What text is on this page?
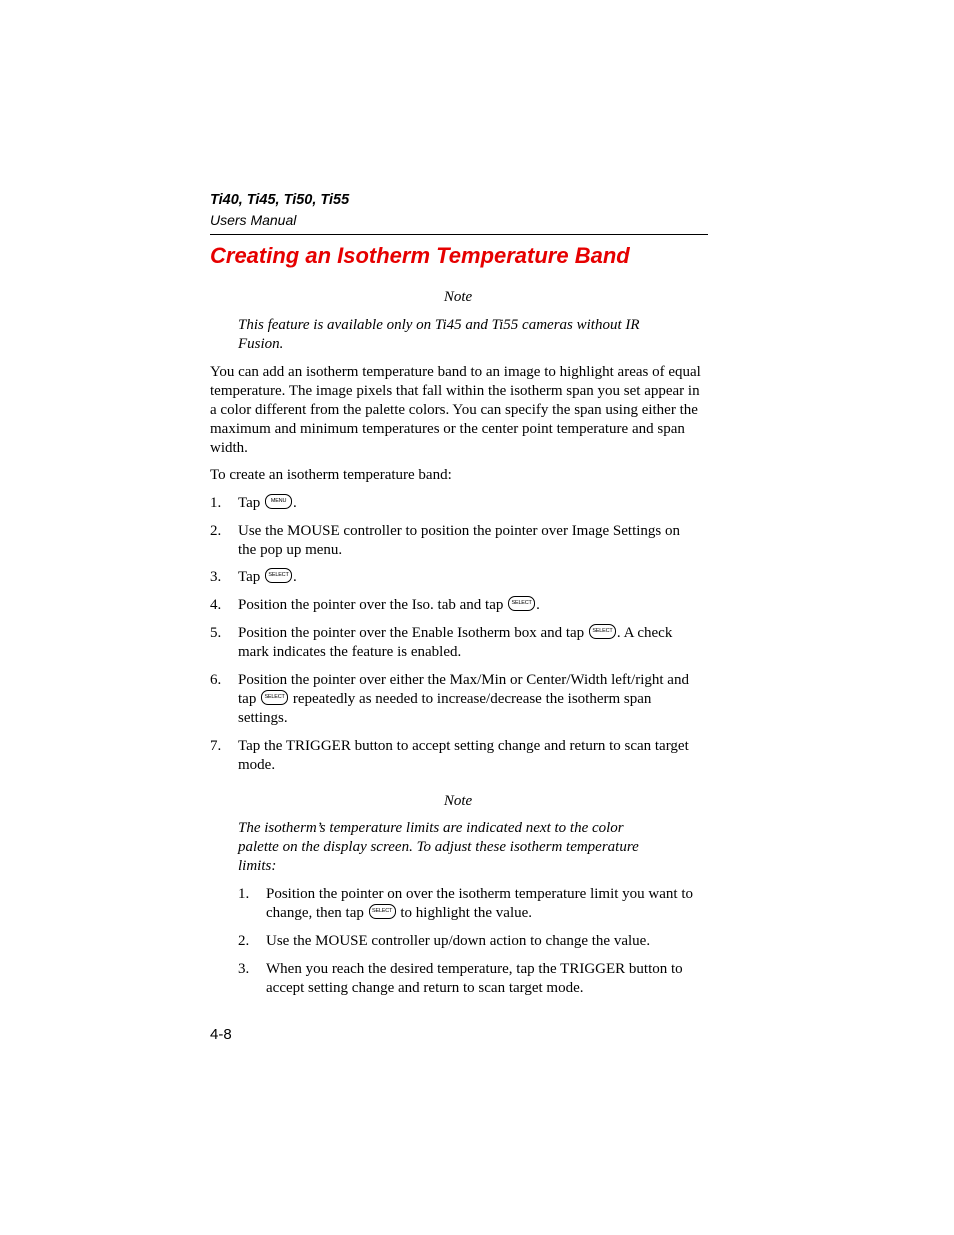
Ti40, Ti45, Ti50, Ti55
Users Manual
Creating an Isotherm Temperature Band
Note
This feature is available only on Ti45 and Ti55 cameras without IR Fusion.
You can add an isotherm temperature band to an image to highlight areas of equal temperature. The image pixels that fall within the isotherm span you set appear in a color different from the palette colors. You can specify the span using either the maximum and minimum temperatures or the center point temperature and span width.
To create an isotherm temperature band:
1. Tap MENU .
2. Use the MOUSE controller to position the pointer over Image Settings on the pop up menu.
3. Tap SELECT .
4. Position the pointer over the Iso. tab and tap SELECT .
5. Position the pointer over the Enable Isotherm box and tap SELECT . A check mark indicates the feature is enabled.
6. Position the pointer over either the Max/Min or Center/Width left/right and tap SELECT repeatedly as needed to increase/decrease the isotherm span settings.
7. Tap the TRIGGER button to accept setting change and return to scan target mode.
Note
The isotherm’s temperature limits are indicated next to the color palette on the display screen. To adjust these isotherm temperature limits:
1. Position the pointer on over the isotherm temperature limit you want to change, then tap SELECT to highlight the value.
2. Use the MOUSE controller up/down action to change the value.
3. When you reach the desired temperature, tap the TRIGGER button to accept setting change and return to scan target mode.
4-8
